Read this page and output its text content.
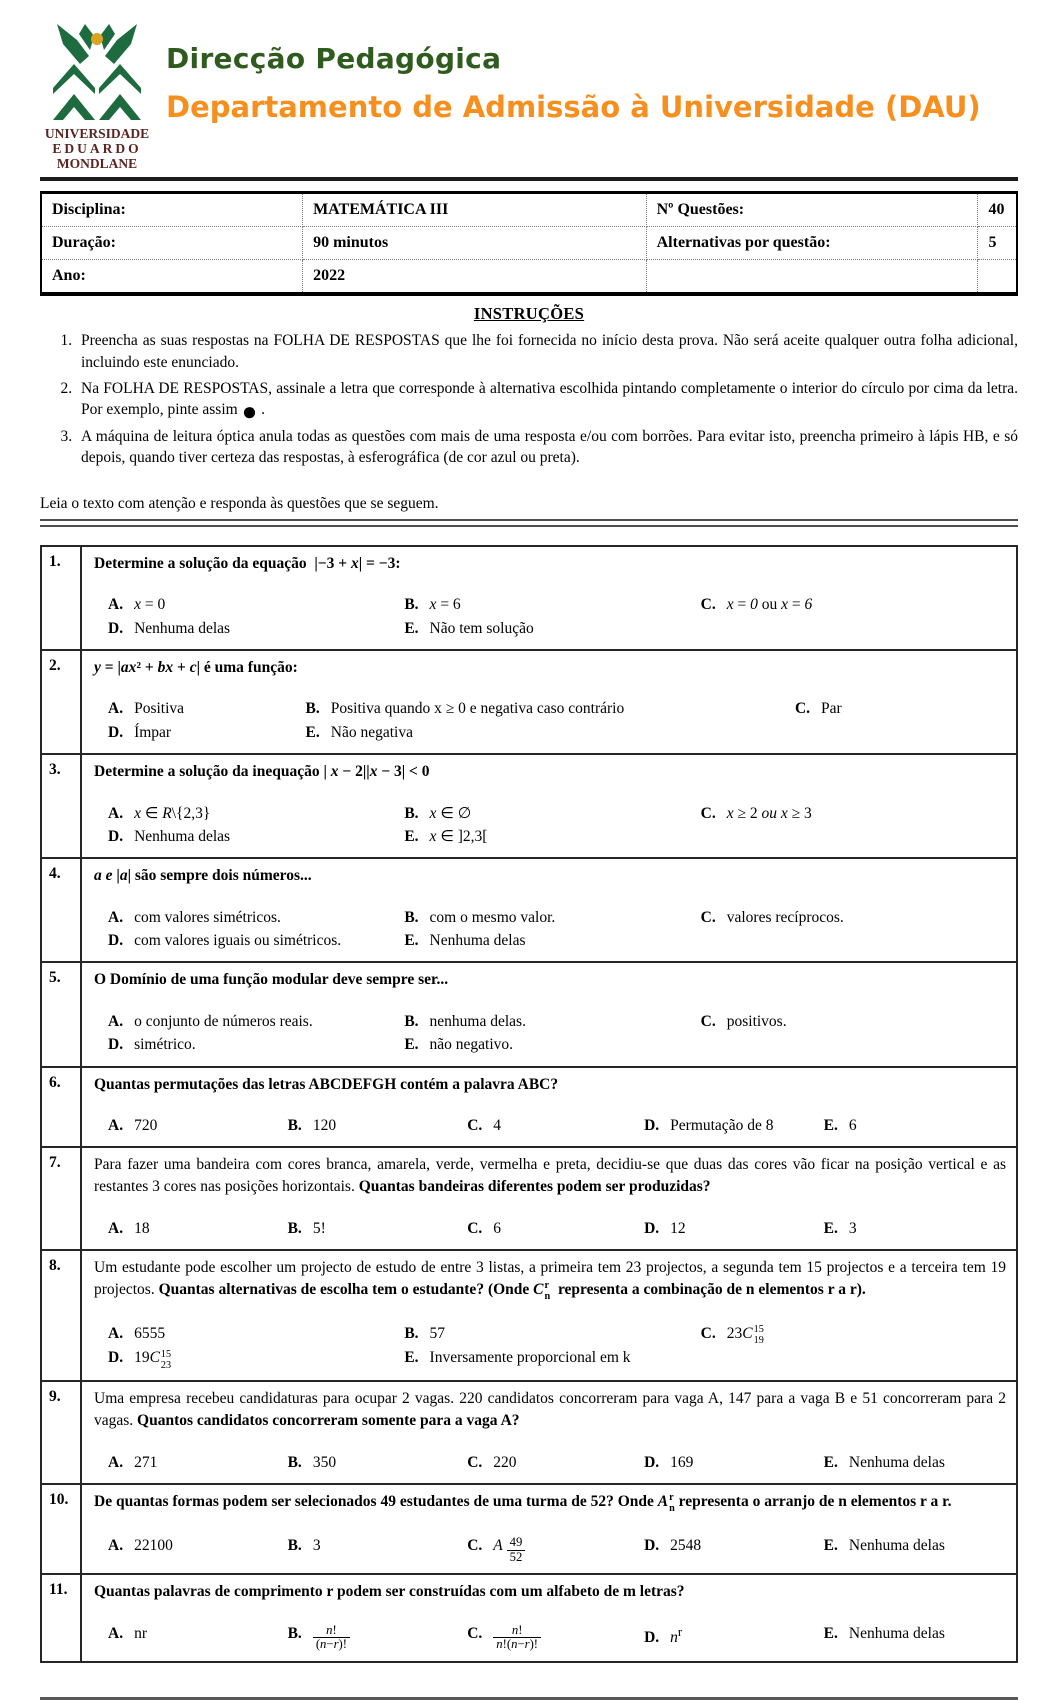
UNIVERSIDADE
EDUARDO
MONDLANE
Direcção Pedagógica
Departamento de Admissão à Universidade (DAU)
Disciplina:	MATEMÁTICA III	Nº Questões:	40
Duração:	90 minutos	Alternativas por questão:	5
Ano:	2022		
INSTRUÇÕES
1. Preencha as suas respostas na FOLHA DE RESPOSTAS que lhe foi fornecida no início desta prova. Não será aceite qualquer outra folha adicional, incluindo este enunciado.
2. Na FOLHA DE RESPOSTAS, assinale a letra que corresponde à alternativa escolhida pintando completamente o interior do círculo por cima da letra. Por exemplo, pinte assim ● .
3. A máquina de leitura óptica anula todas as questões com mais de uma resposta e/ou com borrões. Para evitar isto, preencha primeiro à lápis HB, e só depois, quando tiver certeza das respostas, à esferográfica (de cor azul ou preta).
Leia o texto com atenção e responda às questões que se seguem.
1.	Determine a solução da equação  |−3 + x| = −3:
A. x = 0	B. x = 6	C. x = 0 ou x = 6
D. Nenhuma delas	E. Não tem solução
2.	y = |ax² + bx + c| é uma função:
A. Positiva	B. Positiva quando x ≥ 0 e negativa caso contrário	C. Par
D. Ímpar	E. Não negativa
3.	Determine a solução da inequação | x − 2||x − 3| < 0
A. x ∈ R\{2,3}	B. x ∈ ∅	C. x ≥ 2 ou x ≥ 3
D. Nenhuma delas	E. x ∈ ]2,3[
4.	a e |a| são sempre dois números...
A. com valores simétricos.	B. com o mesmo valor.	C. valores recíprocos.
D. com valores iguais ou simétricos.	E. Nenhuma delas
5.	O Domínio de uma função modular deve sempre ser...
A. o conjunto de números reais.	B. nenhuma delas.	C. positivos.
D. simétrico.	E. não negativo.
6.	Quantas permutações das letras ABCDEFGH contém a palavra ABC?
A. 720	B. 120	C. 4	D. Permutação de 8	E. 6
7.	Para fazer uma bandeira com cores branca, amarela, verde, vermelha e preta, decidiu-se que duas das cores vão ficar na posição vertical e as restantes 3 cores nas posições horizontais. Quantas bandeiras diferentes podem ser produzidas?
A. 18	B. 5!	C. 6	D. 12	E. 3
8.	Um estudante pode escolher um projecto de estudo de entre 3 listas, a primeira tem 23 projectos, a segunda tem 15 projectos e a terceira tem 19 projectos. Quantas alternativas de escolha tem o estudante? (Onde C r
n representa a combinação de n elementos r a r).
A. 6555	B. 57	C. 23C 15
19
D. 19C 15
23	E. Inversamente proporcional em k
9.	Uma empresa recebeu candidaturas para ocupar 2 vagas. 220 candidatos concorreram para vaga A, 147 para a vaga B e 51 concorreram para 2 vagas. Quantos candidatos concorreram somente para a vaga A?
A. 271	B. 350	C. 220	D. 169	E. Nenhuma delas
10.	De quantas formas podem ser selecionados 49 estudantes de uma turma de 52? Onde A r
n representa o arranjo de n elementos r a r.
A. 22100	B. 3	C. A $\frac{49}{52}$	D. 2548	E. Nenhuma delas
11.	Quantas palavras de comprimento r podem ser construídas com um alfabeto de m letras?
A. nr	B. $\frac{n!}{(n-r)!}$	C. $\frac{n!}{n!(n-r)!}$	D. $n^r$	E. Nenhuma delas
